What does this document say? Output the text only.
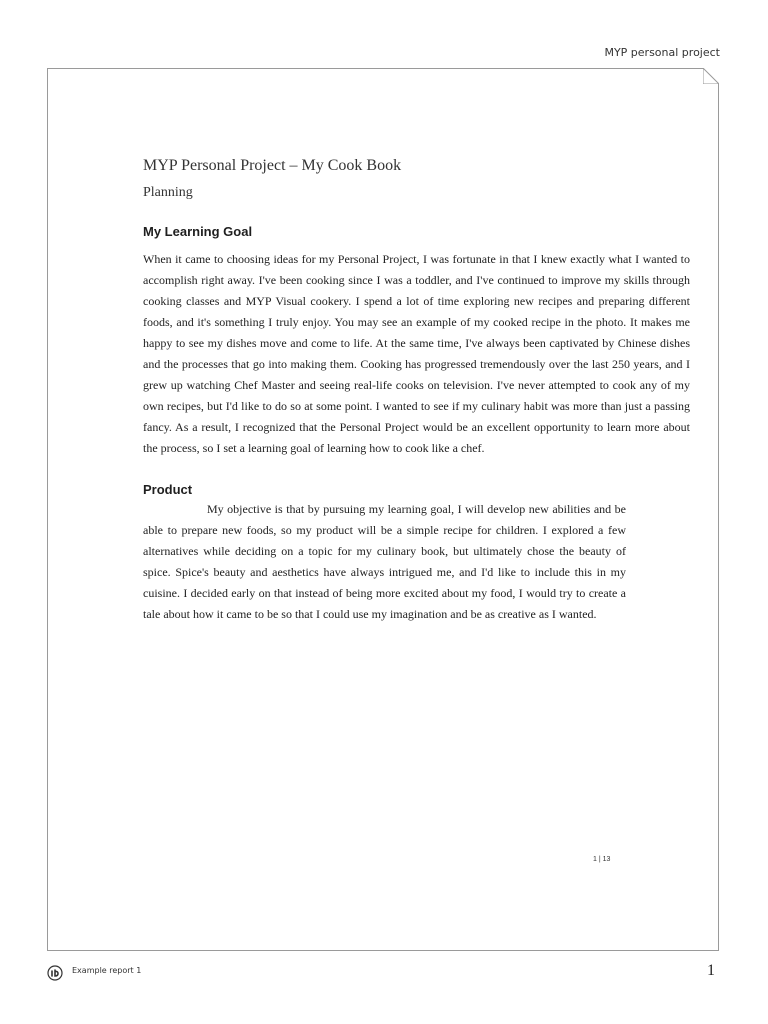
MYP personal project
MYP Personal Project – My Cook Book

Planning

My Learning Goal

When it came to choosing ideas for my Personal Project, I was fortunate in that I knew exactly what I wanted to accomplish right away. I've been cooking since I was a toddler, and I've continued to improve my skills through cooking classes and MYP Visual cookery. I spend a lot of time exploring new recipes and preparing different foods, and it's something I truly enjoy. You may see an example of my cooked recipe in the photo. It makes me happy to see my dishes move and come to life. At the same time, I've always been captivated by Chinese dishes and the processes that go into making them. Cooking has progressed tremendously over the last 250 years, and I grew up watching Chef Master and seeing real-life cooks on television. I've never attempted to cook any of my own recipes, but I'd like to do so at some point. I wanted to see if my culinary habit was more than just a passing fancy. As a result, I recognized that the Personal Project would be an excellent opportunity to learn more about the process, so I set a learning goal of learning how to cook like a chef.

Product

My objective is that by pursuing my learning goal, I will develop new abilities and be able to prepare new foods, so my product will be a simple recipe for children. I explored a few alternatives while deciding on a topic for my culinary book, but ultimately chose the beauty of spice. Spice's beauty and aesthetics have always intrigued me, and I'd like to include this in my cuisine. I decided early on that instead of being more excited about my food, I would try to create a tale about how it came to be so that I could use my imagination and be as creative as I wanted.

1 | 13
Example report 1	1
